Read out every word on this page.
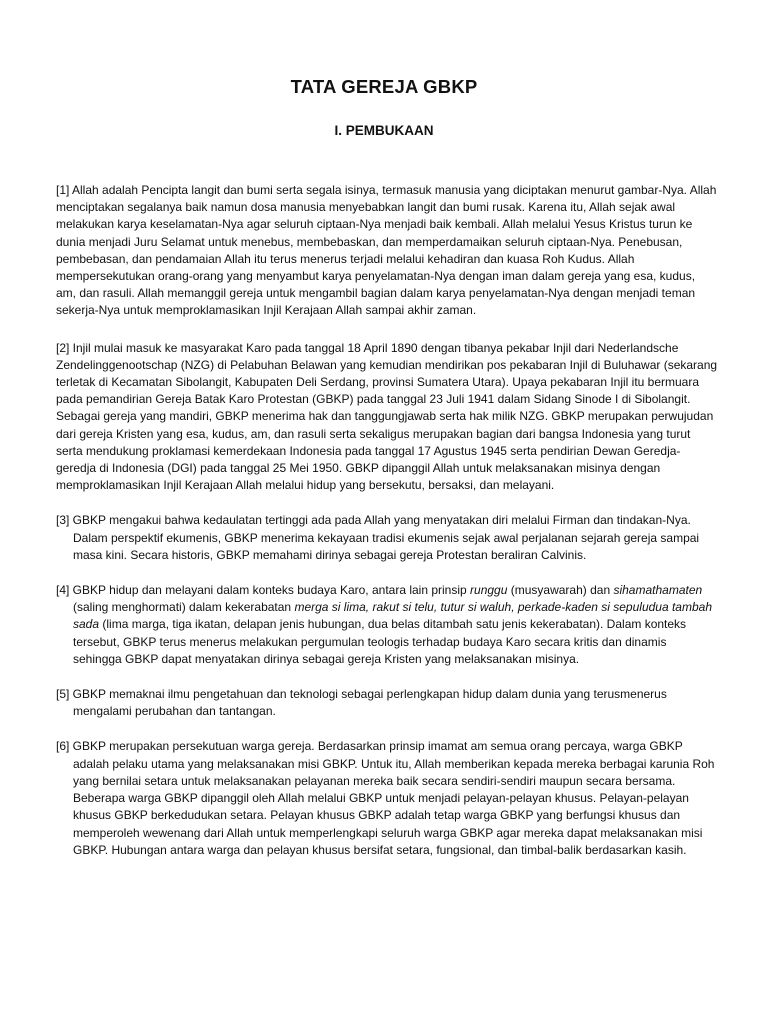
TATA GEREJA GBKP
I. PEMBUKAAN

[1] Allah adalah Pencipta langit dan bumi serta segala isinya, termasuk manusia yang diciptakan menurut gambar-Nya. Allah menciptakan segalanya baik namun dosa manusia menyebabkan langit dan bumi rusak. Karena itu, Allah sejak awal melakukan karya keselamatan-Nya agar seluruh ciptaan-Nya menjadi baik kembali. Allah melalui Yesus Kristus turun ke dunia menjadi Juru Selamat untuk menebus, membebaskan, dan memperdamaikan seluruh ciptaan-Nya. Penebusan, pembebasan, dan pendamaian Allah itu terus menerus terjadi melalui kehadiran dan kuasa Roh Kudus. Allah mempersekutukan orang-orang yang menyambut karya penyelamatan-Nya dengan iman dalam gereja yang esa, kudus, am, dan rasuli. Allah memanggil gereja untuk mengambil bagian dalam karya penyelamatan-Nya dengan menjadi teman sekerja-Nya untuk memproklamasikan Injil Kerajaan Allah sampai akhir zaman.

[2] Injil mulai masuk ke masyarakat Karo pada tanggal 18 April 1890 dengan tibanya pekabar Injil dari Nederlandsche Zendelinggenootschap (NZG) di Pelabuhan Belawan yang kemudian mendirikan pos pekabaran Injil di Buluhawar (sekarang terletak di Kecamatan Sibolangit, Kabupaten Deli Serdang, provinsi Sumatera Utara). Upaya pekabaran Injil itu bermuara pada pemandirian Gereja Batak Karo Protestan (GBKP) pada tanggal 23 Juli 1941 dalam Sidang Sinode I di Sibolangit. Sebagai gereja yang mandiri, GBKP menerima hak dan tanggungjawab serta hak milik NZG. GBKP merupakan perwujudan dari gereja Kristen yang esa, kudus, am, dan rasuli serta sekaligus merupakan bagian dari bangsa Indonesia yang turut serta mendukung proklamasi kemerdekaan Indonesia pada tanggal 17 Agustus 1945 serta pendirian Dewan Geredja-geredja di Indonesia (DGI) pada tanggal 25 Mei 1950. GBKP dipanggil Allah untuk melaksanakan misinya dengan memproklamasikan Injil Kerajaan Allah melalui hidup yang bersekutu, bersaksi, dan melayani.

[3] GBKP mengakui bahwa kedaulatan tertinggi ada pada Allah yang menyatakan diri melalui Firman dan tindakan-Nya. Dalam perspektif ekumenis, GBKP menerima kekayaan tradisi ekumenis sejak awal perjalanan sejarah gereja sampai masa kini. Secara historis, GBKP memahami dirinya sebagai gereja Protestan beraliran Calvinis.

[4] GBKP hidup dan melayani dalam konteks budaya Karo, antara lain prinsip runggu (musyawarah) dan sihamathamaten (saling menghormati) dalam kekerabatan merga si lima, rakut si telu, tutur si waluh, perkade-kaden si sepuludua tambah sada (lima marga, tiga ikatan, delapan jenis hubungan, dua belas ditambah satu jenis kekerabatan). Dalam konteks tersebut, GBKP terus menerus melakukan pergumulan teologis terhadap budaya Karo secara kritis dan dinamis sehingga GBKP dapat menyatakan dirinya sebagai gereja Kristen yang melaksanakan misinya.

[5] GBKP memaknai ilmu pengetahuan dan teknologi sebagai perlengkapan hidup dalam dunia yang terusmenerus mengalami perubahan dan tantangan.

[6] GBKP merupakan persekutuan warga gereja. Berdasarkan prinsip imamat am semua orang percaya, warga GBKP adalah pelaku utama yang melaksanakan misi GBKP. Untuk itu, Allah memberikan kepada mereka berbagai karunia Roh yang bernilai setara untuk melaksanakan pelayanan mereka baik secara sendiri-sendiri maupun secara bersama. Beberapa warga GBKP dipanggil oleh Allah melalui GBKP untuk menjadi pelayan-pelayan khusus. Pelayan-pelayan khusus GBKP berkedudukan setara. Pelayan khusus GBKP adalah tetap warga GBKP yang berfungsi khusus dan memperoleh wewenang dari Allah untuk memperlengkapi seluruh warga GBKP agar mereka dapat melaksanakan misi GBKP. Hubungan antara warga dan pelayan khusus bersifat setara, fungsional, dan timbal-balik berdasarkan kasih.
